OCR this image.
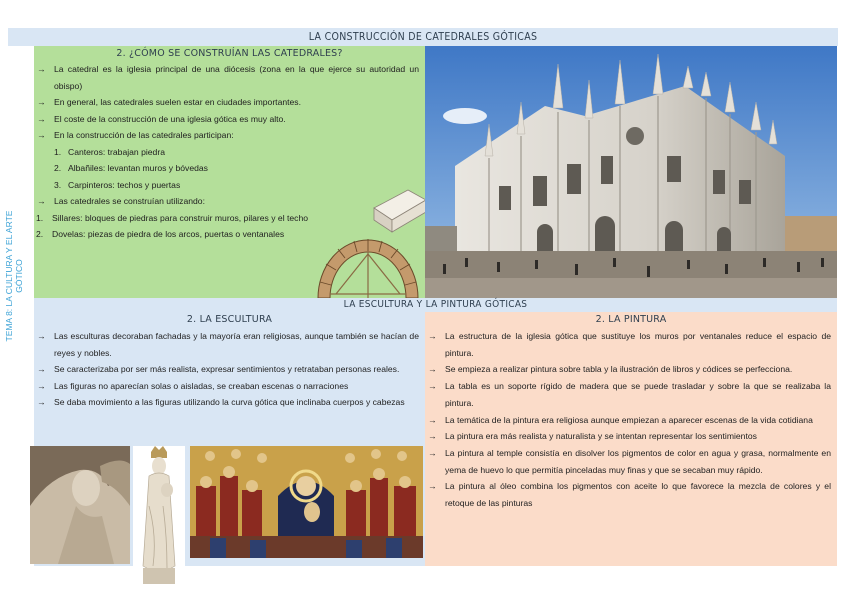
LA CONSTRUCCIÓN DE CATEDRALES GÓTICAS
TEMA 8: LA CULTURA Y EL ARTE GÓTICO
2. ¿CÓMO SE CONSTRUÍAN LAS CATEDRALES?
→ La catedral es la iglesia principal de una diócesis (zona en la que ejerce su autoridad un obispo)
→ En general, las catedrales suelen estar en ciudades importantes.
→ El coste de la construcción de una iglesia gótica es muy alto.
→ En la construcción de las catedrales participan:
1. Canteros: trabajan piedra
2. Albañiles: levantan muros y bóvedas
3. Carpinteros: techos y puertas
→ Las catedrales se construían utilizando:
1. Sillares: bloques de piedras para construir muros, pilares y el techo
2. Dovelas: piezas de piedra de los arcos, puertas o ventanales
LA ESCULTURA Y LA PINTURA GÓTICAS
2. LA ESCULTURA
→ Las esculturas decoraban fachadas y la mayoría eran religiosas, aunque también se hacían de reyes y nobles.
→ Se caracterizaba por ser más realista, expresar sentimientos y retrataban personas reales.
→ Las figuras no aparecían solas o aisladas, se creaban escenas o narraciones
→ Se daba movimiento a las figuras utilizando la curva gótica que inclinaba cuerpos y cabezas
2. LA PINTURA
→ La estructura de la iglesia gótica que sustituye los muros por ventanales reduce el espacio de pintura.
→ Se empieza a realizar pintura sobre tabla y la ilustración de libros y códices se perfecciona.
→ La tabla es un soporte rígido de madera que se puede trasladar y sobre la que se realizaba la pintura.
→ La temática de la pintura era religiosa aunque empiezan a aparecer escenas de la vida cotidiana
→ La pintura era más realista y naturalista y se intentan representar los sentimientos
→ La pintura al temple consistía en disolver los pigmentos de color en agua y grasa, normalmente en yema de huevo lo que permitía pinceladas muy finas y que se secaban muy rápido.
→ La pintura al óleo combina los pigmentos con aceite lo que favorece la mezcla de colores y el retoque de las pinturas
